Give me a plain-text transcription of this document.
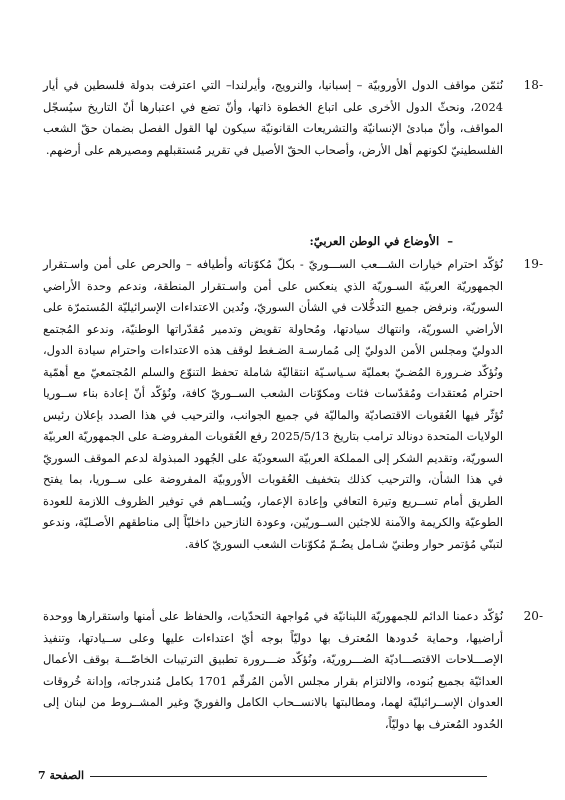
-18

نُثمّن مواقف الدول الأوروبيّة – إسبانيا، والنرويج، وأيرلندا– التي اعترفت بدولة فلسطين في أيار 2024، ونحثّ الدول الأخرى على اتباع الخطوة ذاتها، وأنّ تضع في اعتبارها أنّ التاريخ سيُسجّل المواقف، وأنّ مبادئ الإنسانيّة والتشريعات القانونيّة سيكون لها القول الفصل بضمان حقّ الشعب الفلسطينيّ لكونهم أهل الأرض، وأصحاب الحقّ الأصيل في تقرير مُستقبلهم ومصيرهم على أرضهم.

–الأوضاع في الوطن العربيّ:
-19

نُؤكّد احترام خيارات الشـــعب الســـوريّ - بكلّ مُكوّناته وأطيافه – والحرص على أمن واسـتقرار الجمهوريّة العربيّة السـوريّة الذي ينعكس على أمن واسـتقرار المنطقة، وندعم وحدة الأراضي السوريّة، ونرفض جميع التدخُّلات في الشأن السوريّ، ونُدين الاعتداءات الإسرائيليّة المُستمرّة على الأراضي السوريّة، وانتهاك سيادتها، ومُحاولة تقويض وتدمير مُقدّراتها الوطنيّة، وندعو المُجتمع الدوليّ ومجلس الأمن الدوليّ إلى مُمارسـة الضـغط لوقف هذه الاعتداءات واحترام سيادة الدول، ونُؤكّد ضـرورة المُضـيّ بعمليّة سـياسـيّة انتقاليّة شاملة تحفظ التنوّع والسلم المُجتمعيّ مع أهمّية احترام مُعتقدات ومُقدّسات فئات ومكوّنات الشعب الســوريّ كافة، ونُؤكّد أنّ إعادة بناء ســوريا تُؤثّر فيها العُقوبات الاقتصاديّة والماليّة في جميع الجوانب، والترحيب في هذا الصدد بإعلان رئيس الولايات المتحدة دونالد ترامب بتاريخ 2025/5/13 رفع العُقوبات المفروضـة على الجمهوريّة العربيّة السوريّة، وتقديم الشكر إلى المملكة العربيّة السعوديّة على الجُهود المبذولة لدعم الموقف السوريّ في هذا الشأن، والترحيب كذلك بتخفيف العُقوبات الأوروبيّة المفروضة على ســوريا، بما يفتح الطريق أمام تســريع وتيرة التعافي وإعادة الإعمار، ويُســاهم في توفير الظروف اللازمة للعودة الطوعيّة والكريمة والآمنة للاجئين الســوريّين، وعودة النازحين داخليّاً إلى مناطقهم الأصـليّة، وندعو لتبنّي مُؤتمر حوار وطنيّ شـامل يضُـمّ مُكوّنات الشعب السوريّ كافة.

-20

نُؤكّد دعمنا الدائم للجمهوريّة اللبنانيّة في مُواجهة التحدّيات، والحفاظ على أمنها واستقرارها ووحدة أراضيها، وحماية حُدودها المُعترف بها دوليّاً بوجه أيّ اعتداءات عليها وعلى ســيادتها، وتنفيذ الإصـــلاحات الاقتصـــاديّة الضـــروريّة، ونُؤكّد ضـــرورة تطبيق الترتيبات الخاصّـــة بوقف الأعمال العدائيّة بجميع بُنوده، والالتزام بقرار مجلس الأمن المُرقّم 1701 بكامل مُندرجاته، وإدانة خُروقات العدوان الإســرائيليّة لهما، ومطالبتها بالانســحاب الكامل والفوريّ وغير المشــروط من لبنان إلى الحُدود المُعترف بها دوليّاً،

الصفحة 7
